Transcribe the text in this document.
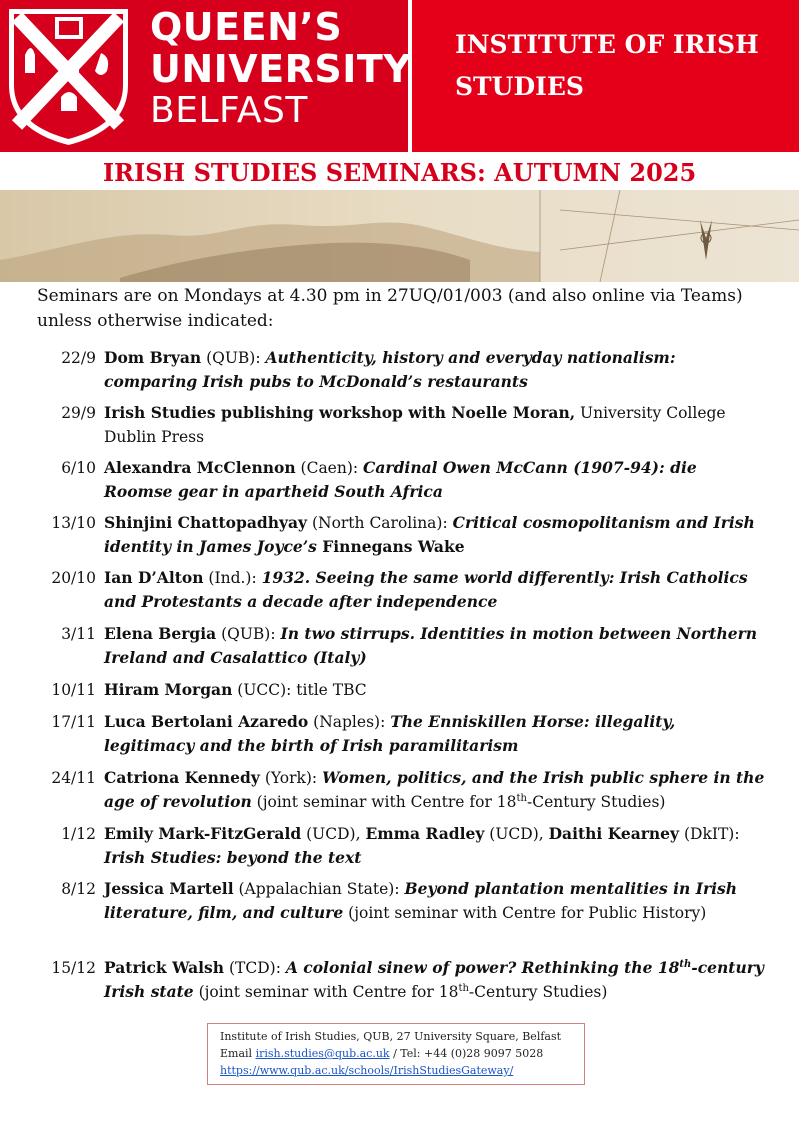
QUEEN’S
UNIVERSITY
BELFAST
INSTITUTE OF IRISH
STUDIES
IRISH STUDIES SEMINARS: AUTUMN 2025
Seminars are on Mondays at 4.30 pm in 27UQ/01/003 (and also online via Teams) unless otherwise indicated:
22/9 Dom Bryan (QUB): Authenticity, history and everyday nationalism: comparing Irish pubs to McDonald’s restaurants
29/9 Irish Studies publishing workshop with Noelle Moran, University College Dublin Press
6/10 Alexandra McClennon (Caen): Cardinal Owen McCann (1907-94): die Roomse gear in apartheid South Africa
13/10 Shinjini Chattopadhyay (North Carolina): Critical cosmopolitanism and Irish identity in James Joyce’s Finnegans Wake
20/10 Ian D’Alton (Ind.): 1932. Seeing the same world differently: Irish Catholics and Protestants a decade after independence
3/11 Elena Bergia (QUB): In two stirrups. Identities in motion between Northern Ireland and Casalattico (Italy)
10/11 Hiram Morgan (UCC): title TBC
17/11 Luca Bertolani Azaredo (Naples): The Enniskillen Horse: illegality, legitimacy and the birth of Irish paramilitarism
24/11 Catriona Kennedy (York): Women, politics, and the Irish public sphere in the age of revolution (joint seminar with Centre for 18th-Century Studies)
1/12 Emily Mark-FitzGerald (UCD), Emma Radley (UCD), Daithi Kearney (DkIT): Irish Studies: beyond the text
8/12 Jessica Martell (Appalachian State): Beyond plantation mentalities in Irish literature, film, and culture (joint seminar with Centre for Public History)
15/12 Patrick Walsh (TCD): A colonial sinew of power? Rethinking the 18th-century Irish state (joint seminar with Centre for 18th-Century Studies)
Institute of Irish Studies, QUB, 27 University Square, Belfast
Email irish.studies@qub.ac.uk / Tel: +44 (0)28 9097 5028
https://www.qub.ac.uk/schools/IrishStudiesGateway/
